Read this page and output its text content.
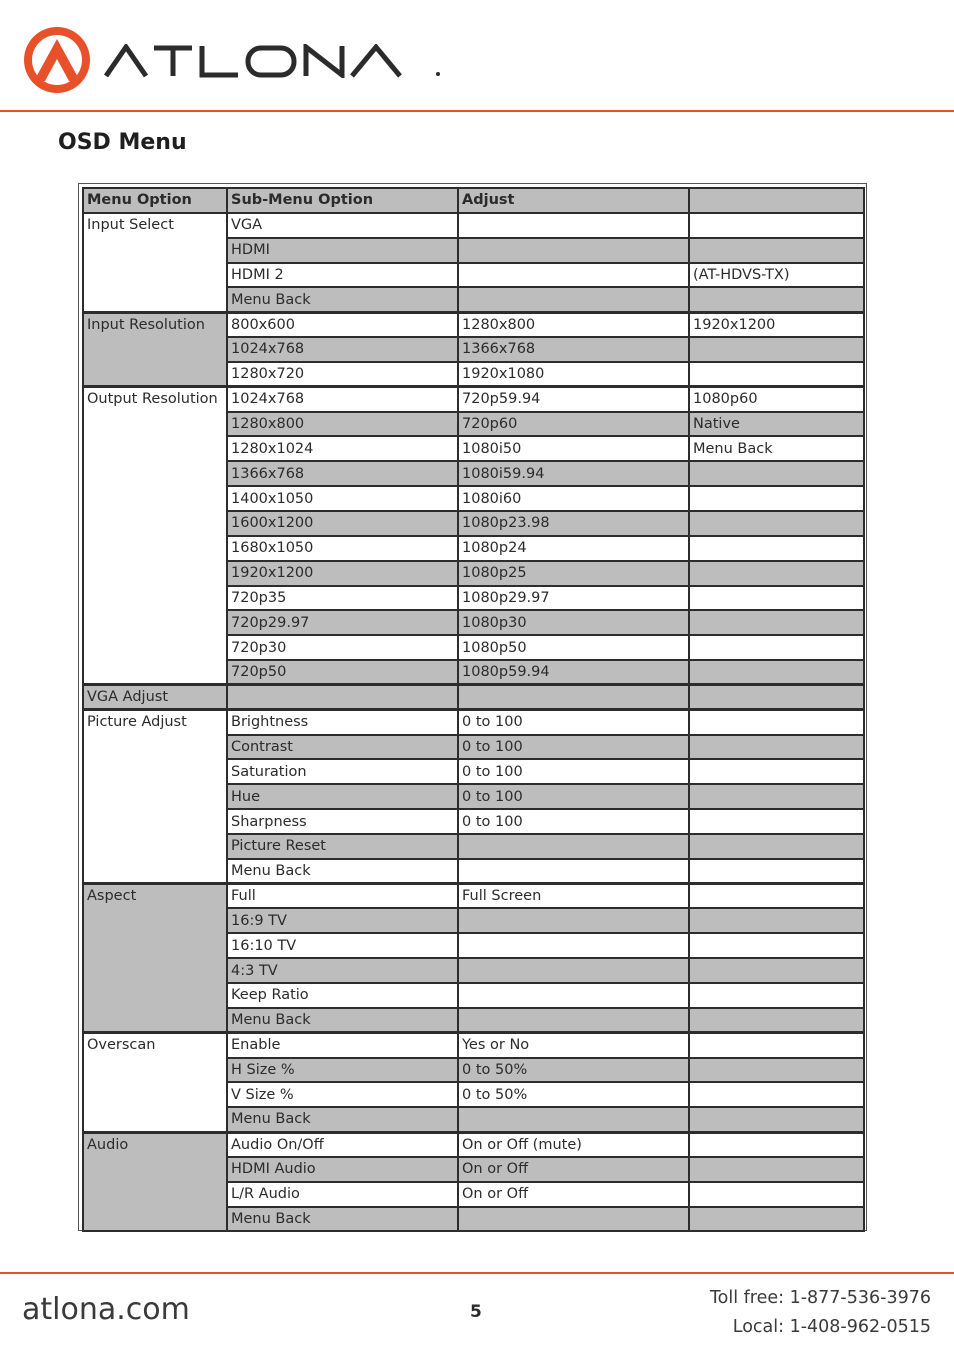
OSD Menu
Menu Option	Sub-Menu Option	Adjust	
Input Select	VGA		
	HDMI		
	HDMI 2		(AT-HDVS-TX)
	Menu Back		
Input Resolution	800x600	1280x800	1920x1200
	1024x768	1366x768	
	1280x720	1920x1080	
Output Resolution	1024x768	720p59.94	1080p60
	1280x800	720p60	Native
	1280x1024	1080i50	Menu Back
	1366x768	1080i59.94	
	1400x1050	1080i60	
	1600x1200	1080p23.98	
	1680x1050	1080p24	
	1920x1200	1080p25	
	720p35	1080p29.97	
	720p29.97	1080p30	
	720p30	1080p50	
	720p50	1080p59.94	
VGA Adjust			
Picture Adjust	Brightness	0 to 100	
	Contrast	0 to 100	
	Saturation	0 to 100	
	Hue	0 to 100	
	Sharpness	0 to 100	
	Picture Reset		
	Menu Back		
Aspect	Full	Full Screen	
	16:9 TV		
	16:10 TV		
	4:3 TV		
	Keep Ratio		
	Menu Back		
Overscan	Enable	Yes or No	
	H Size %	0 to 50%	
	V Size %	0 to 50%	
	Menu Back		
Audio	Audio On/Off	On or Off (mute)	
	HDMI Audio	On or Off	
	L/R Audio	On or Off	
	Menu Back		
atlona.com	5
Toll free: 1-877-536-3976
Local: 1-408-962-0515
